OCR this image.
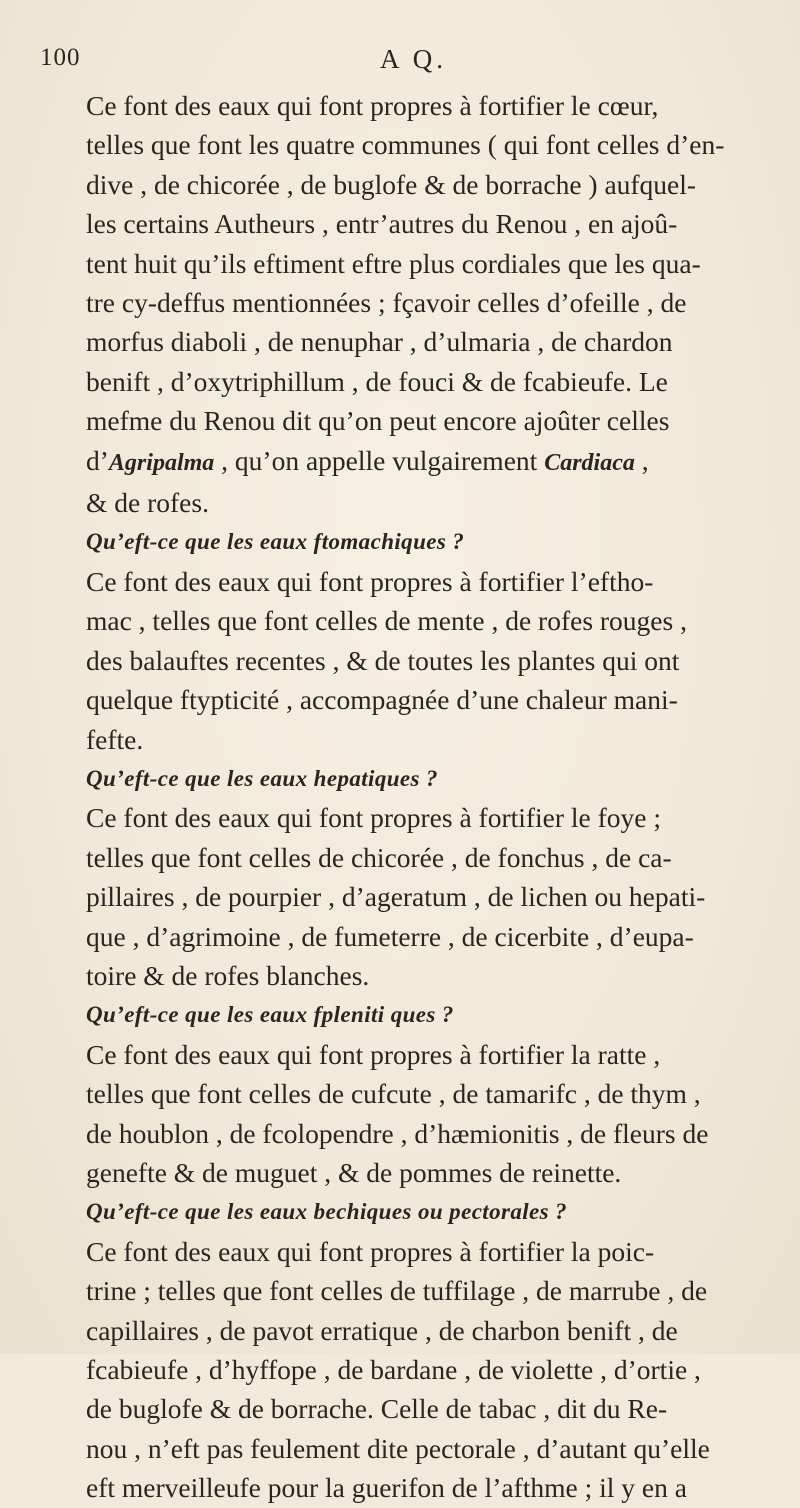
100	A Q.

Ce font des eaux qui font propres à fortifier le cœur,
telles que font les quatre communes ( qui font celles d’en-
dive , de chicorée , de buglofe & de borrache ) aufquel-
les certains Autheurs , entr’autres du Renou , en ajoû-
tent huit qu’ils eftiment eftre plus cordiales que les qua-
tre cy-deffus mentionnées ; fçavoir celles d’ofeille , de
morfus diaboli , de nenuphar , d’ulmaria , de chardon
benift , d’oxytriphillum , de fouci & de fcabieufe. Le
mefme du Renou dit qu’on peut encore ajoûter celles
d’Agripalma , qu’on appelle vulgairement Cardiaca ,
& de rofes.

Qu’eft-ce que les eaux ftomachiques ?

Ce font des eaux qui font propres à fortifier l’eftho-
mac , telles que font celles de mente , de rofes rouges ,
des balauftes recentes , & de toutes les plantes qui ont
quelque ftypticité , accompagnée d’une chaleur mani-
fefte.

Qu’eft-ce que les eaux hepatiques ?

Ce font des eaux qui font propres à fortifier le foye ;
telles que font celles de chicorée , de fonchus , de ca-
pillaires , de pourpier , d’ageratum , de lichen ou hepati-
que , d’agrimoine , de fumeterre , de cicerbite , d’eupa-
toire & de rofes blanches.

Qu’eft-ce que les eaux fpleniti ques ?

Ce font des eaux qui font propres à fortifier la ratte ,
telles que font celles de cufcute , de tamarifc , de thym ,
de houblon , de fcolopendre , d’hæmionitis , de fleurs de
genefte & de muguet , & de pommes de reinette.

Qu’eft-ce que les eaux bechiques ou pectorales ?

Ce font des eaux qui font propres à fortifier la poic-
trine ; telles que font celles de tuffilage , de marrube , de
capillaires , de pavot erratique , de charbon benift , de
fcabieufe , d’hyffope , de bardane , de violette , d’ortie ,
de buglofe & de borrache. Celle de tabac , dit du Re-
nou , n’eft pas feulement dite pectorale , d’autant qu’elle
eft merveilleufe pour la guerifon de l’afthme ; il y en a
